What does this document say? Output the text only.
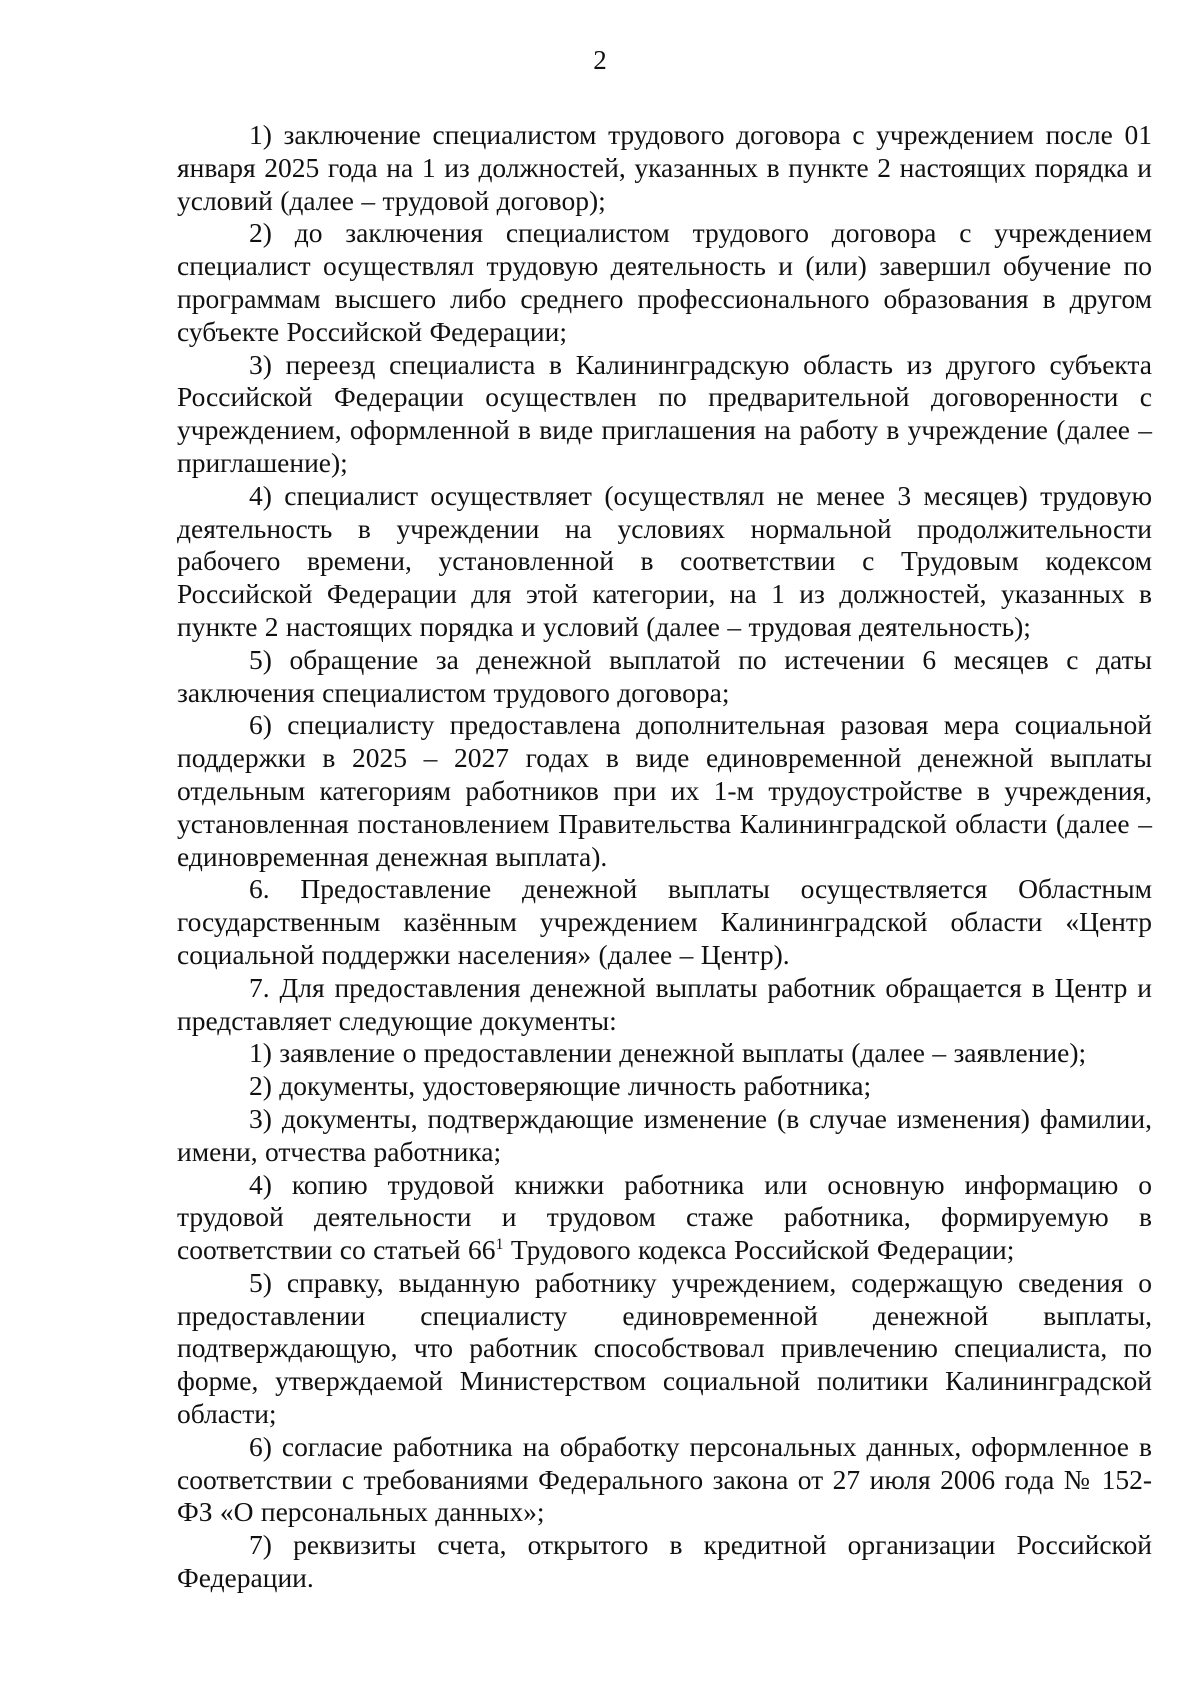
2

1) заключение специалистом трудового договора с учреждением после 01 января 2025 года на 1 из должностей, указанных в пункте 2 настоящих порядка и условий (далее – трудовой договор);

2) до заключения специалистом трудового договора с учреждением специалист осуществлял трудовую деятельность и (или) завершил обучение по программам высшего либо среднего профессионального образования в другом субъекте Российской Федерации;

3) переезд специалиста в Калининградскую область из другого субъекта Российской Федерации осуществлен по предварительной договоренности с учреждением, оформленной в виде приглашения на работу в учреждение (далее – приглашение);

4) специалист осуществляет (осуществлял не менее 3 месяцев) трудовую деятельность в учреждении на условиях нормальной продолжительности рабочего времени, установленной в соответствии с Трудовым кодексом Российской Федерации для этой категории, на 1 из должностей, указанных в пункте 2 настоящих порядка и условий (далее – трудовая деятельность);

5) обращение за денежной выплатой по истечении 6 месяцев с даты заключения специалистом трудового договора;

6) специалисту предоставлена дополнительная разовая мера социальной поддержки в 2025 – 2027 годах в виде единовременной денежной выплаты отдельным категориям работников при их 1-м трудоустройстве в учреждения, установленная постановлением Правительства Калининградской области (далее – единовременная денежная выплата).

6. Предоставление денежной выплаты осуществляется Областным государственным казённым учреждением Калининградской области «Центр социальной поддержки населения» (далее – Центр).

7. Для предоставления денежной выплаты работник обращается в Центр и представляет следующие документы:

1) заявление о предоставлении денежной выплаты (далее – заявление);

2) документы, удостоверяющие личность работника;

3) документы, подтверждающие изменение (в случае изменения) фамилии, имени, отчества работника;

4) копию трудовой книжки работника или основную информацию о трудовой деятельности и трудовом стаже работника, формируемую в соответствии со статьей $66^1$ Трудового кодекса Российской Федерации;

5) справку, выданную работнику учреждением, содержащую сведения о предоставлении специалисту единовременной денежной выплаты, подтверждающую, что работник способствовал привлечению специалиста, по форме, утверждаемой Министерством социальной политики Калининградской области;

6) согласие работника на обработку персональных данных, оформленное в соответствии с требованиями Федерального закона от 27 июля 2006 года № 152-ФЗ «О персональных данных»;

7) реквизиты счета, открытого в кредитной организации Российской Федерации.
